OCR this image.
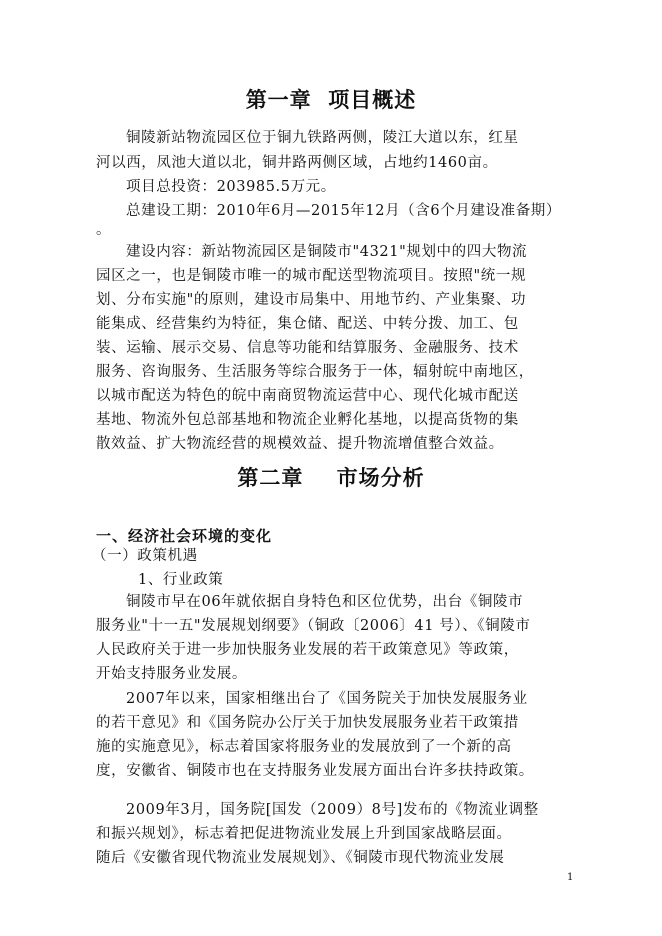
第一章  项目概述
铜陵新站物流园区位于铜九铁路两侧，陵江大道以东，红星
河以西，凤池大道以北，铜井路两侧区域，占地约1460亩。
项目总投资：203985.5万元。
总建设工期：2010年6月—2015年12月（含6个月建设准备期）
。
建设内容：新站物流园区是铜陵市"4321"规划中的四大物流
园区之一，也是铜陵市唯一的城市配送型物流项目。按照"统一规
划、分布实施"的原则，建设市局集中、用地节约、产业集聚、功
能集成、经营集约为特征，集仓储、配送、中转分拨、加工、包
装、运输、展示交易、信息等功能和结算服务、金融服务、技术
服务、咨询服务、生活服务等综合服务于一体，辐射皖中南地区，
以城市配送为特色的皖中南商贸物流运营中心、现代化城市配送
基地、物流外包总部基地和物流企业孵化基地，以提高货物的集
散效益、扩大物流经营的规模效益、提升物流增值整合效益。
第二章    市场分析
一、经济社会环境的变化
（一）政策机遇
1、行业政策
铜陵市早在06年就依据自身特色和区位优势，出台《铜陵市
服务业"十一五"发展规划纲要》（铜政〔2006〕41 号）、《铜陵市
人民政府关于进一步加快服务业发展的若干政策意见》等政策，
开始支持服务业发展。
2007年以来，国家相继出台了《国务院关于加快发展服务业
的若干意见》和《国务院办公厅关于加快发展服务业若干政策措
施的实施意见》，标志着国家将服务业的发展放到了一个新的高
度，安徽省、铜陵市也在支持服务业发展方面出台许多扶持政策。
2009年3月，国务院[国发（2009）8号]发布的《物流业调整
和振兴规划》，标志着把促进物流业发展上升到国家战略层面。
随后《安徽省现代物流业发展规划》、《铜陵市现代物流业发展
1
